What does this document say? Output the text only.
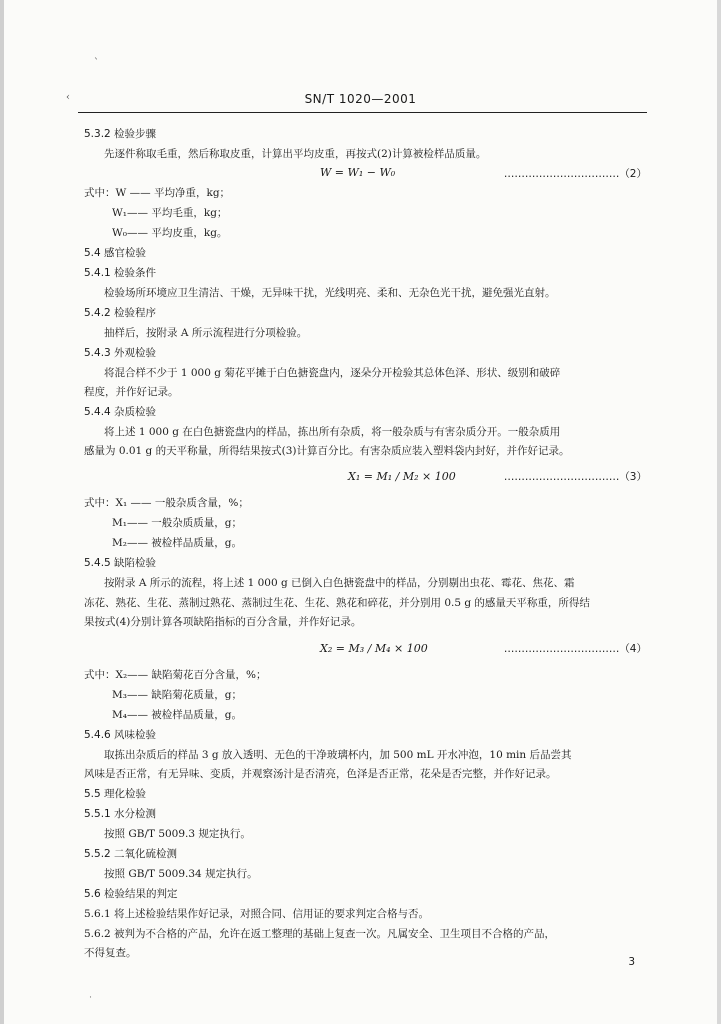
ˋ
‹
˙
SN/T 1020—2001
5.3.2 检验步骤
先逐件称取毛重，然后称取皮重，计算出平均皮重，再按式(2)计算被检样品质量。
W = W₁ − W₀	……………………………（2）
式中：W —— 平均净重，kg；
W₁—— 平均毛重，kg；
W₀—— 平均皮重，kg。
5.4 感官检验
5.4.1 检验条件
检验场所环境应卫生清洁、干燥，无异味干扰，光线明亮、柔和、无杂色光干扰，避免强光直射。
5.4.2 检验程序
抽样后，按附录 A 所示流程进行分项检验。
5.4.3 外观检验
将混合样不少于 1 000 g 菊花平摊于白色搪瓷盘内，逐朵分开检验其总体色泽、形状、级别和破碎
程度，并作好记录。
5.4.4 杂质检验
将上述 1 000 g 在白色搪瓷盘内的样品，拣出所有杂质，将一般杂质与有害杂质分开。一般杂质用
感量为 0.01 g 的天平称量，所得结果按式(3)计算百分比。有害杂质应装入塑料袋内封好，并作好记录。
X₁ = M₁ / M₂ × 100	……………………………（3）
式中：X₁ —— 一般杂质含量，%；
M₁—— 一般杂质质量，g；
M₂—— 被检样品质量，g。
5.4.5 缺陷检验
按附录 A 所示的流程，将上述 1 000 g 已倒入白色搪瓷盘中的样品，分别剔出虫花、霉花、焦花、霜
冻花、熟花、生花、蒸制过熟花、蒸制过生花、生花、熟花和碎花，并分别用 0.5 g 的感量天平称重，所得结
果按式(4)分别计算各项缺陷指标的百分含量，并作好记录。
X₂ = M₃ / M₄ × 100	……………………………（4）
式中：X₂—— 缺陷菊花百分含量，%；
M₃—— 缺陷菊花质量，g；
M₄—— 被检样品质量，g。
5.4.6 风味检验
取拣出杂质后的样品 3 g 放入透明、无色的干净玻璃杯内，加 500 mL 开水冲泡，10 min 后品尝其
风味是否正常，有无异味、变质，并观察汤汁是否清亮，色泽是否正常，花朵是否完整，并作好记录。
5.5 理化检验
5.5.1 水分检测
按照 GB/T 5009.3 规定执行。
5.5.2 二氧化硫检测
按照 GB/T 5009.34 规定执行。
5.6 检验结果的判定
5.6.1 将上述检验结果作好记录，对照合同、信用证的要求判定合格与否。
5.6.2 被判为不合格的产品，允许在返工整理的基础上复查一次。凡属安全、卫生项目不合格的产品，
不得复查。
3
